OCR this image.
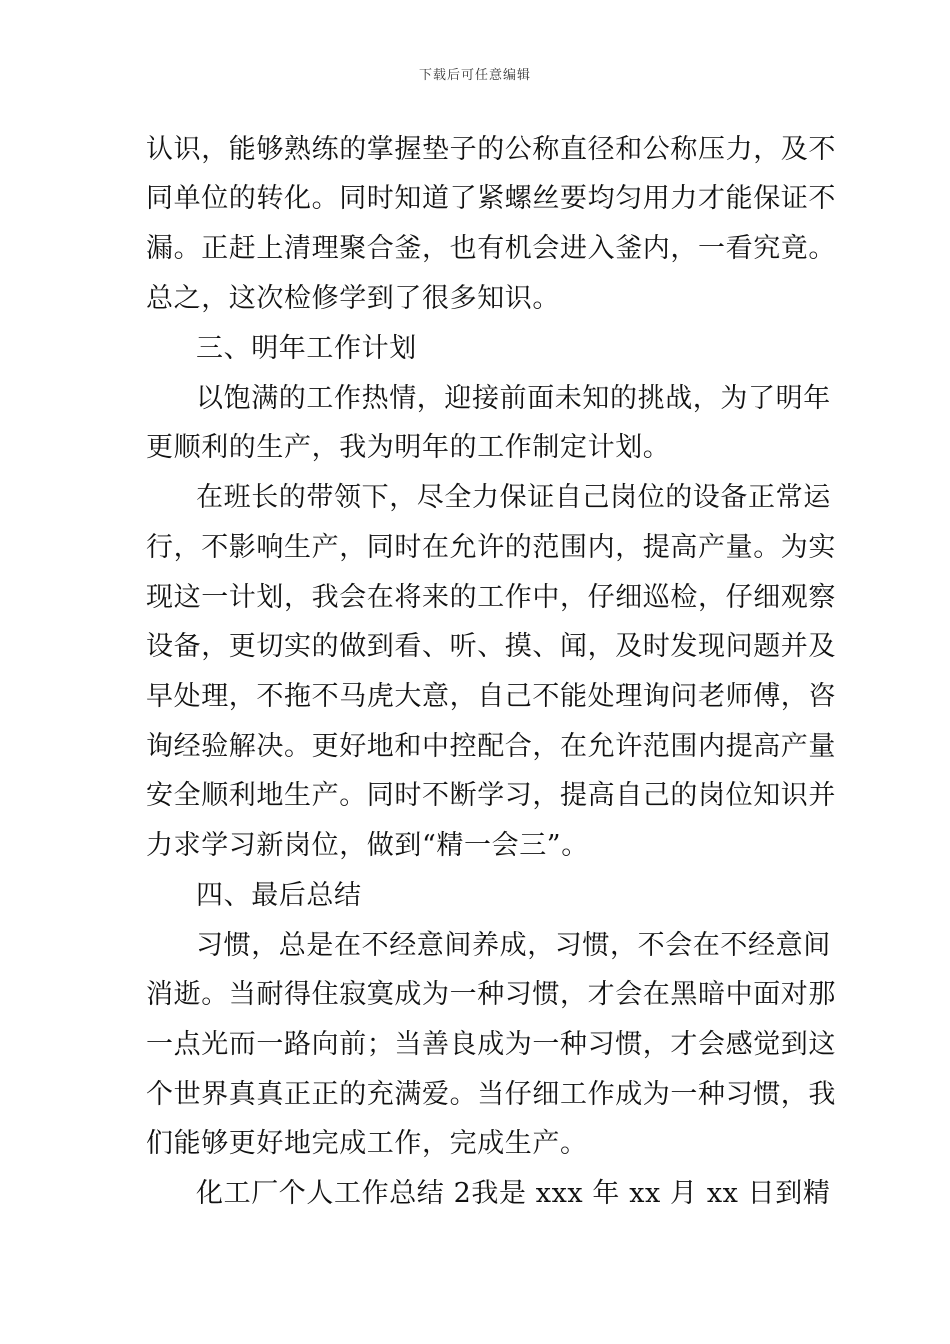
下载后可任意编辑
认识，能够熟练的掌握垫子的公称直径和公称压力，及不
同单位的转化。同时知道了紧螺丝要均匀用力才能保证不
漏。正赶上清理聚合釜，也有机会进入釜内，一看究竟。
总之，这次检修学到了很多知识。
三、明年工作计划
以饱满的工作热情，迎接前面未知的挑战，为了明年
更顺利的生产，我为明年的工作制定计划。
在班长的带领下，尽全力保证自己岗位的设备正常运
行，不影响生产，同时在允许的范围内，提高产量。为实
现这一计划，我会在将来的工作中，仔细巡检，仔细观察
设备，更切实的做到看、听、摸、闻，及时发现问题并及
早处理，不拖不马虎大意，自己不能处理询问老师傅，咨
询经验解决。更好地和中控配合，在允许范围内提高产量
安全顺利地生产。同时不断学习，提高自己的岗位知识并
力求学习新岗位，做到“精一会三”。
四、最后总结
习惯，总是在不经意间养成，习惯，不会在不经意间
消逝。当耐得住寂寞成为一种习惯，才会在黑暗中面对那
一点光而一路向前；当善良成为一种习惯，才会感觉到这
个世界真真正正的充满爱。当仔细工作成为一种习惯，我
们能够更好地完成工作，完成生产。
化工厂个人工作总结 2 我是 xxx 年 xx 月 xx 日到精
